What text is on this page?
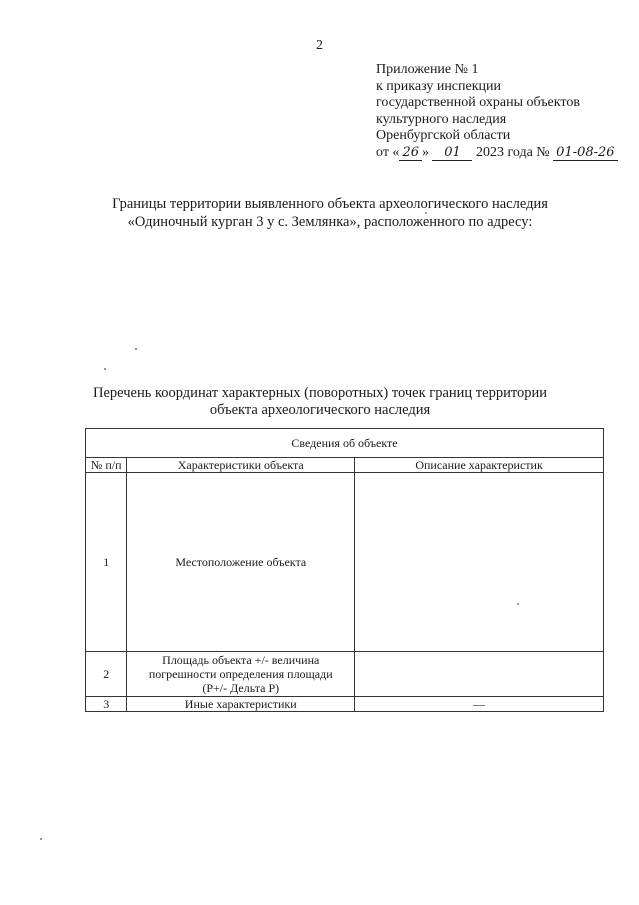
2
Приложение № 1
к приказу инспекции
государственной охраны объектов
культурного наследия
Оренбургской области
от « 26 » 01 2023 года № 01-08-26
Границы территории выявленного объекта археологического наследия
«Одиночный курган 3 у с. Землянка», расположенного по адресу:
Перечень координат характерных (поворотных) точек границ территории
объекта археологического наследия
Сведения об объекте		
№ п/п	Характеристики объекта	Описание характеристик
1	Местоположение объекта	
2	Площадь объекта +/- величина
погрешности определения площади
(Р+/- Дельта Р)	

3	Иные характеристики	—
